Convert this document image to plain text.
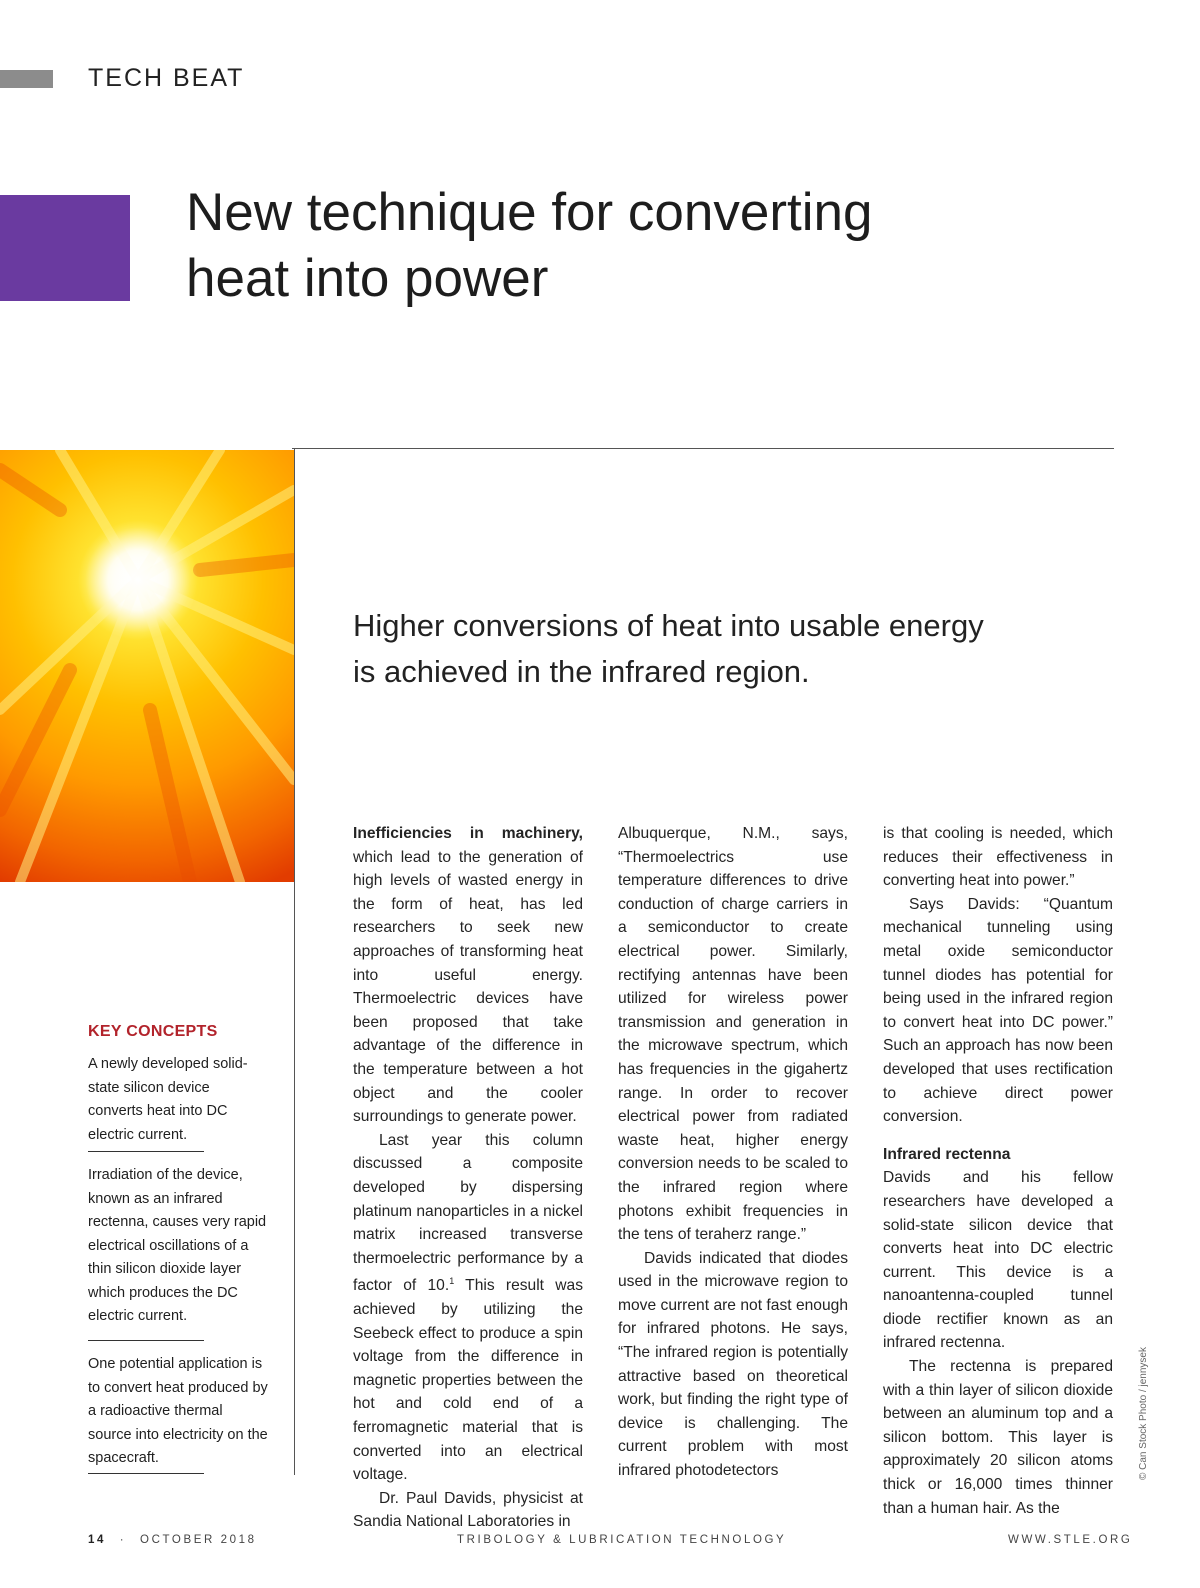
TECH BEAT
New technique for converting
heat into power
Higher conversions of heat into usable energy
is achieved in the infrared region.
KEY CONCEPTS
A newly developed solid-state silicon device converts heat into DC electric current.
Irradiation of the device, known as an infrared rectenna, causes very rapid electrical oscillations of a thin silicon dioxide layer which produces the DC electric current.
One potential application is to convert heat produced by a radioactive thermal source into electricity on the spacecraft.

Inefficiencies in machinery, which lead to the generation of high levels of wasted energy in the form of heat, has led researchers to seek new approaches of transforming heat into useful energy. Thermoelectric devices have been proposed that take advantage of the difference in the temperature between a hot object and the cooler surroundings to generate power.

Last year this column discussed a composite developed by dispersing platinum nanoparticles in a nickel matrix increased transverse thermoelectric performance by a factor of 10.$^1$ This result was achieved by utilizing the Seebeck effect to produce a spin voltage from the difference in magnetic properties between the hot and cold end of a ferromagnetic material that is converted into an electrical voltage.

Dr. Paul Davids, physicist at Sandia National Laboratories in

Albuquerque, N.M., says, “Thermoelectrics use temperature differences to drive conduction of charge carriers in a semiconductor to create electrical power. Similarly, rectifying antennas have been utilized for wireless power transmission and generation in the microwave spectrum, which has frequencies in the gigahertz range. In order to recover electrical power from radiated waste heat, higher energy conversion needs to be scaled to the infrared region where photons exhibit frequencies in the tens of teraherz range.”

Davids indicated that diodes used in the microwave region to move current are not fast enough for infrared photons. He says, “The infrared region is potentially attractive based on theoretical work, but finding the right type of device is challenging. The current problem with most infrared photodetectors

is that cooling is needed, which reduces their effectiveness in converting heat into power.”

Says Davids: “Quantum mechanical tunneling using metal oxide semiconductor tunnel diodes has potential for being used in the infrared region to convert heat into DC power.” Such an approach has now been developed that uses rectification to achieve direct power conversion.

Infrared rectenna

Davids and his fellow researchers have developed a solid-state silicon device that converts heat into DC electric current. This device is a nanoantenna-coupled tunnel diode rectifier known as an infrared rectenna.

The rectenna is prepared with a thin layer of silicon dioxide between an aluminum top and a silicon bottom. This layer is approximately 20 silicon atoms thick or 16,000 times thinner than a human hair. As the

© Can Stock Photo / jennysek
14 · OCTOBER 2018	TRIBOLOGY & LUBRICATION TECHNOLOGY	WWW.STLE.ORG
